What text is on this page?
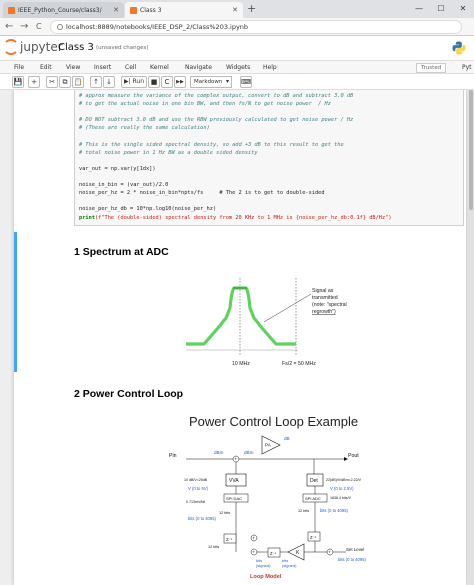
IEEE_Python_Course/class3/	✕	Class 3	✕ +	—	☐	✕
← → C	localhost:8889/notebooks/IEEE_DSP_2/Class%203.ipynb
jupyter
Class 3 (unsaved changes)
File	Edit View Insert Cell Kernel	Navigate Widgets Help	Trusted	Pyt
💾	+	✂	⧉ 📋	↑	↓	▶| Run ■	C	▶▶	Markdown ▾	⌨
# approx measure the variance of the complex output, convert to dB and subtract 3.0 dB
# to get the actual noise in one bin BW, and then fs/N to get noise power  / Hz
# DO NOT subtract 3.0 dB and use the RBW previously calculated to get noise power / Hz
# (These are really the same calculation)
# This is the single sided spectral density, so add +3 dB to this result to get the
# total noise power in 1 Hz BW as a double sided density
var_out = np.var(y[1dx])
noise_in_bin = (var_out)/2.0
noise_per_hz = 2 * noise_in_bin*npts/fs     # The 2 is to get to double-sided
noise_per_hz_db = 10*np.log10(noise_per_hz)
print(f"The (double-sided) spectral density from 20 KHz to 1 MHz is {noise_per_hz_db:0.1f} dB/Hz")
1 Spectrum at ADC
Signal as
transmitted
(note: "spectral
regrowth")
10 MHz	Fs/2 = 50 MHz
2 Power Control Loop
Power Control Loop Example
Pin	Pout
dBm	dBm
+
PA
dB
Det 22(dB)/V/dBm=2.22/V
V (0 to 2.5V)
VVA
10 dB/V=25dB
V (0 to 5V)
SPI DAC	SPI ADC
0.713mV/bit
1638.4 bits/V
12 bits	12 bits
bits (0 to 4095)
bits (0 to 4095)
Z⁻¹	+
+	K
Z⁻¹
Z⁻¹	+
Set Level
bits (0 to 4095)
bits
(signed)
bits
(signed)
12 bits
Loop Model
